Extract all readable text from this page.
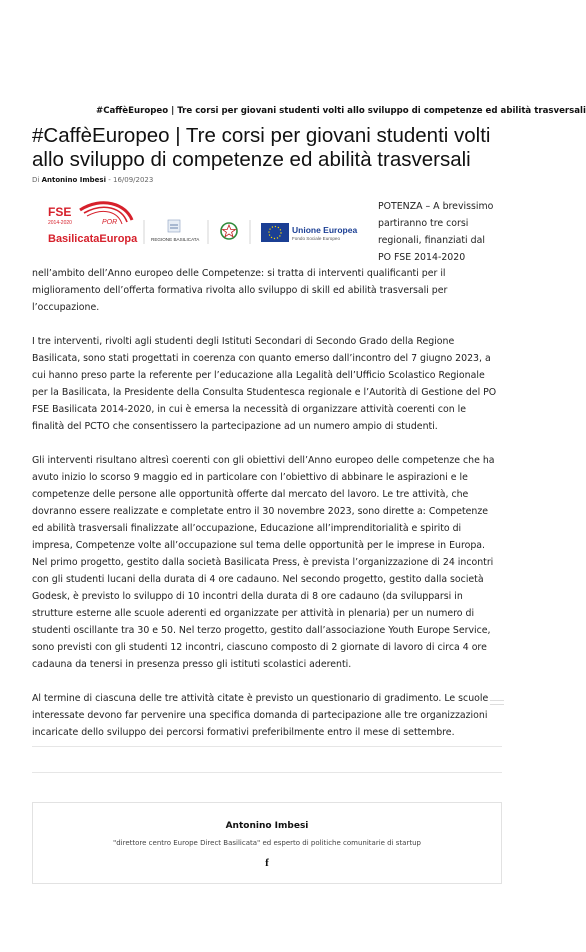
#CaffèEuropeo | Tre corsi per giovani studenti volti allo sviluppo di competenze ed abilità trasversali
#CaffèEuropeo | Tre corsi per giovani studenti volti allo sviluppo di competenze ed abilità trasversali
Di Antonino Imbesi - 16/09/2023
FSE
2014-2020	POR
BasilicataEuropa	REGIONE BASILICATA
Unione Europea
Fondo Sociale Europeo

POTENZA – A brevissimo
partiranno tre corsi
regionali, finanziati dal
PO FSE 2014-2020

nell’ambito dell’Anno europeo delle Competenze: si tratta di interventi qualificanti per il
miglioramento dell’offerta formativa rivolta allo sviluppo di skill ed abilità trasversali per
l’occupazione.

I tre interventi, rivolti agli studenti degli Istituti Secondari di Secondo Grado della Regione
Basilicata, sono stati progettati in coerenza con quanto emerso dall’incontro del 7 giugno 2023, a
cui hanno preso parte la referente per l’educazione alla Legalità dell’Ufficio Scolastico Regionale
per la Basilicata, la Presidente della Consulta Studentesca regionale e l’Autorità di Gestione del PO
FSE Basilicata 2014-2020, in cui è emersa la necessità di organizzare attività coerenti con le
finalità del PCTO che consentissero la partecipazione ad un numero ampio di studenti.

Gli interventi risultano altresì coerenti con gli obiettivi dell’Anno europeo delle competenze che ha
avuto inizio lo scorso 9 maggio ed in particolare con l’obiettivo di abbinare le aspirazioni e le
competenze delle persone alle opportunità offerte dal mercato del lavoro. Le tre attività, che
dovranno essere realizzate e completate entro il 30 novembre 2023, sono dirette a: Competenze
ed abilità trasversali finalizzate all’occupazione, Educazione all’imprenditorialità e spirito di
impresa, Competenze volte all’occupazione sul tema delle opportunità per le imprese in Europa.
Nel primo progetto, gestito dalla società Basilicata Press, è prevista l’organizzazione di 24 incontri
con gli studenti lucani della durata di 4 ore cadauno. Nel secondo progetto, gestito dalla società
Godesk, è previsto lo sviluppo di 10 incontri della durata di 8 ore cadauno (da svilupparsi in
strutture esterne alle scuole aderenti ed organizzate per attività in plenaria) per un numero di
studenti oscillante tra 30 e 50. Nel terzo progetto, gestito dall’associazione Youth Europe Service,
sono previsti con gli studenti 12 incontri, ciascuno composto di 2 giornate di lavoro di circa 4 ore
cadauna da tenersi in presenza presso gli istituti scolastici aderenti.

Al termine di ciascuna delle tre attività citate è previsto un questionario di gradimento. Le scuole
interessate devono far pervenire una specifica domanda di partecipazione alle tre organizzazioni
incaricate dello sviluppo dei percorsi formativi preferibilmente entro il mese di settembre.

Antonino Imbesi
"direttore centro Europe Direct Basilicata" ed esperto di politiche comunitarie di startup
f
